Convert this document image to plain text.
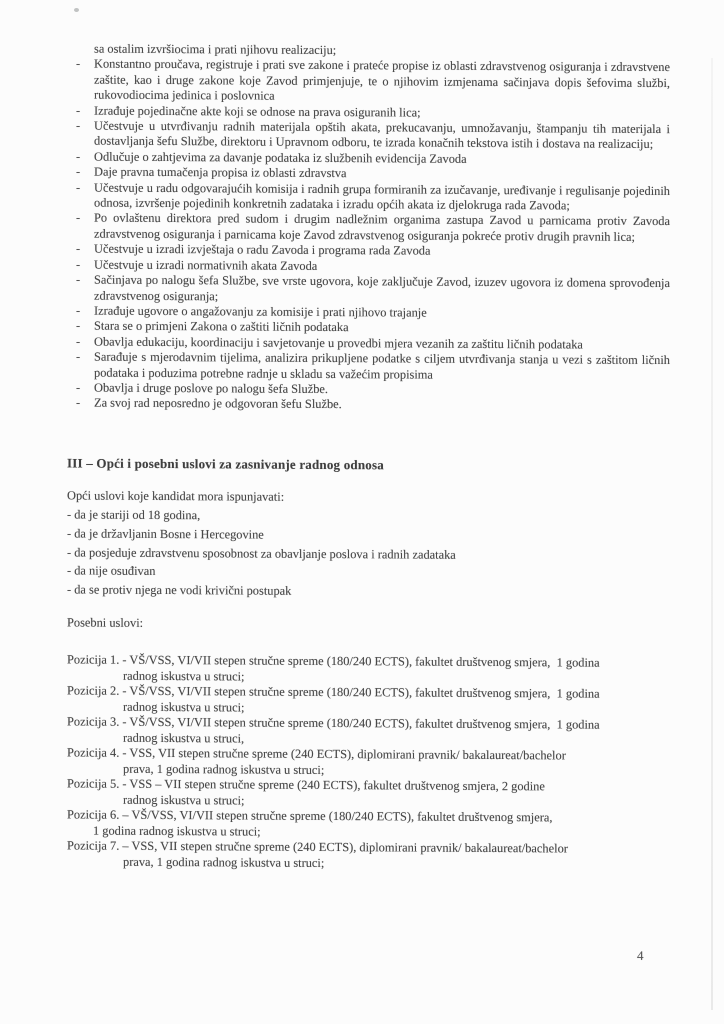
sa ostalim izvršiocima i prati njihovu realizaciju;
-	Konstantno proučava, registruje i prati sve zakone i prateće propise iz oblasti zdravstvenog osiguranja i zdravstvene zaštite, kao i druge zakone koje Zavod primjenjuje, te o njihovim izmjenama sačinjava dopis šefovima službi, rukovodiocima jedinica i poslovnica
-	Izrađuje pojedinačne akte koji se odnose na prava osiguranih lica;
-	Učestvuje u utvrđivanju radnih materijala opštih akata, prekucavanju, umnožavanju, štampanju tih materijala i dostavljanja šefu Službe, direktoru i Upravnom odboru, te izrada konačnih tekstova istih i dostava na realizaciju;
-	Odlučuje o zahtjevima za davanje podataka iz službenih evidencija Zavoda
-	Daje pravna tumačenja propisa iz oblasti zdravstva
-	Učestvuje u radu odgovarajućih komisija i radnih grupa formiranih za izučavanje, uređivanje i regulisanje pojedinih odnosa, izvršenje pojedinih konkretnih zadataka i izradu općih akata iz djelokruga rada Zavoda;
-	Po ovlaštenu direktora pred sudom i drugim nadležnim organima zastupa Zavod u parnicama protiv Zavoda zdravstvenog osiguranja i parnicama koje Zavod zdravstvenog osiguranja pokreće protiv drugih pravnih lica;
-	Učestvuje u izradi izvještaja o radu Zavoda i programa rada Zavoda
-	Učestvuje u izradi normativnih akata Zavoda
-	Sačinjava po nalogu šefa Službe, sve vrste ugovora, koje zaključuje Zavod, izuzev ugovora iz domena sprovođenja zdravstvenog osiguranja;
-	Izrađuje ugovore o angažovanju za komisije i prati njihovo trajanje
-	Stara se o primjeni Zakona o zaštiti ličnih podataka
-	Obavlja edukaciju, koordinaciju i savjetovanje u provedbi mjera vezanih za zaštitu ličnih podataka
-	Sarađuje s mjerodavnim tijelima, analizira prikupljene podatke s ciljem utvrđivanja stanja u vezi s zaštitom ličnih podataka i poduzima potrebne radnje u skladu sa važećim propisima
-	Obavlja i druge poslove po nalogu šefa Službe.
-	Za svoj rad neposredno je odgovoran šefu Službe.
III – Opći i posebni uslovi za zasnivanje radnog odnosa

Opći uslovi koje kandidat mora ispunjavati:

- da je stariji od 18 godina,
- da je državljanin Bosne i Hercegovine
- da posjeduje zdravstvenu sposobnost za obavljanje poslova i radnih zadataka
- da nije osuđivan
- da se protiv njega ne vodi krivični postupak

Posebni uslovi:

Pozicija 1. - VŠ/VSS, VI/VII stepen stručne spreme (180/240 ECTS), fakultet društvenog smjera,  1 godina
radnog iskustva u struci;
Pozicija 2. - VŠ/VSS, VI/VII stepen stručne spreme (180/240 ECTS), fakultet društvenog smjera,  1 godina
radnog iskustva u struci;
Pozicija 3. - VŠ/VSS, VI/VII stepen stručne spreme (180/240 ECTS), fakultet društvenog smjera,  1 godina
radnog iskustva u struci,
Pozicija 4. - VSS, VII stepen stručne spreme (240 ECTS), diplomirani pravnik/ bakalaureat/bachelor
prava, 1 godina radnog iskustva u struci;
Pozicija 5. - VSS – VII stepen stručne spreme (240 ECTS), fakultet društvenog smjera, 2 godine
radnog iskustva u struci;
Pozicija 6. – VŠ/VSS, VI/VII stepen stručne spreme (180/240 ECTS), fakultet društvenog smjera,
1 godina radnog iskustva u struci;
Pozicija 7. – VSS, VII stepen stručne spreme (240 ECTS), diplomirani pravnik/ bakalaureat/bachelor
prava, 1 godina radnog iskustva u struci;
4
